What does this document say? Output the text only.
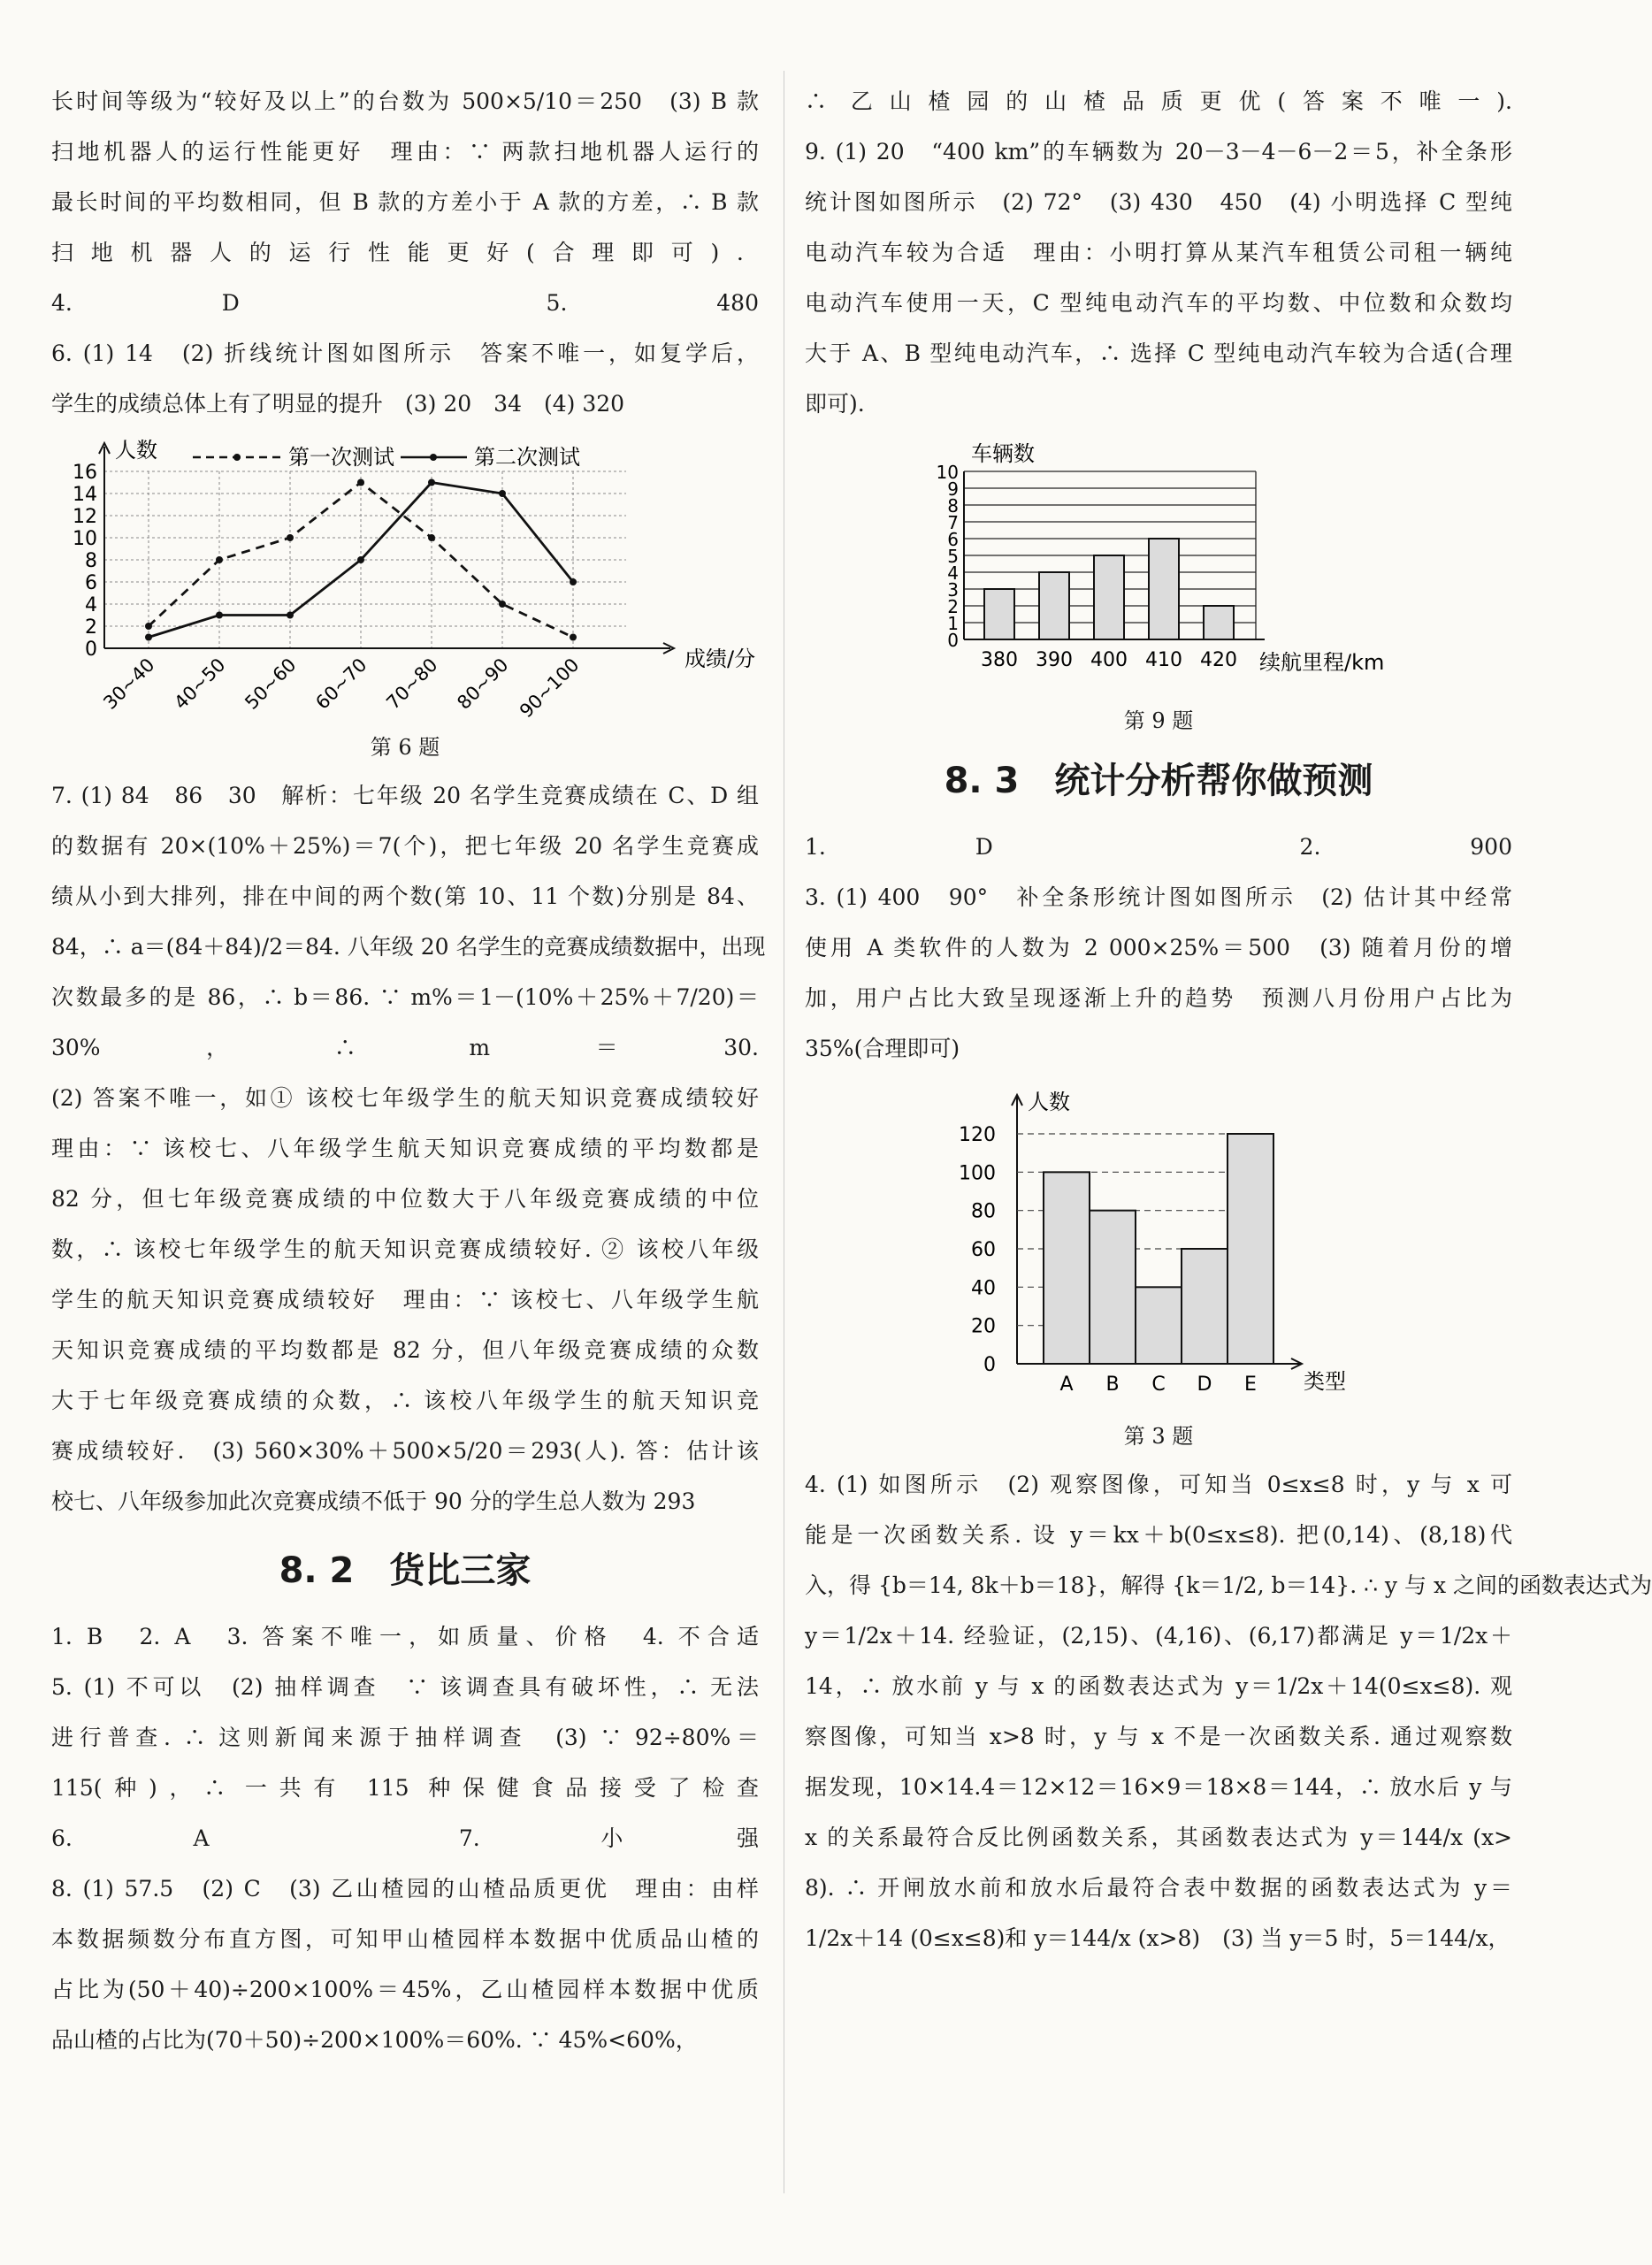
长时间等级为“较好及以上”的台数为 500×5/10＝250　(3) B 款

扫地机器人的运行性能更好　理由：∵ 两款扫地机器人运行的

最长时间的平均数相同，但 B 款的方差小于 A 款的方差，∴ B 款

扫地机器人的运行性能更好(合理即可)．

4. D　5. 480

6. (1) 14　(2) 折线统计图如图所示　答案不唯一，如复学后，

学生的成绩总体上有了明显的提升　(3) 20　34　(4) 320

人数
成绩/分
0
2
4
6
8
10
12
14
16
30~40 40~50 50~60 60~70 70~80 80~90 90~100
第一次测试	第二次测试
第 6 题

7. (1) 84　86　30　解析：七年级 20 名学生竞赛成绩在 C、D 组

的数据有 20×(10%＋25%)＝7(个)，把七年级 20 名学生竞赛成

绩从小到大排列，排在中间的两个数(第 10、11 个数)分别是 84、

84，∴ a＝(84＋84)/2＝84. 八年级 20 名学生的竞赛成绩数据中，出现

次数最多的是 86，∴ b＝86. ∵ m%＝1－(10%＋25%＋7/20)＝

30%，∴ m＝30.

(2) 答案不唯一，如① 该校七年级学生的航天知识竞赛成绩较好

理由：∵ 该校七、八年级学生航天知识竞赛成绩的平均数都是

82 分，但七年级竞赛成绩的中位数大于八年级竞赛成绩的中位

数，∴ 该校七年级学生的航天知识竞赛成绩较好. ② 该校八年级

学生的航天知识竞赛成绩较好　理由：∵ 该校七、八年级学生航

天知识竞赛成绩的平均数都是 82 分，但八年级竞赛成绩的众数

大于七年级竞赛成绩的众数，∴ 该校八年级学生的航天知识竞

赛成绩较好.　(3) 560×30%＋500×5/20＝293(人). 答：估计该

校七、八年级参加此次竞赛成绩不低于 90 分的学生总人数为 293

8. 2　货比三家

1. B　2. A　3. 答案不唯一，如质量、价格　4. 不合适

5. (1) 不可以　(2) 抽样调查　∵ 该调查具有破坏性，∴ 无法

进行普查. ∴ 这则新闻来源于抽样调查　(3) ∵ 92÷80%＝

115(种)，∴ 一共有 115 种保健食品接受了检查

6. A　7. 小强

8. (1) 57.5　(2) C　(3) 乙山楂园的山楂品质更优　理由：由样

本数据频数分布直方图，可知甲山楂园样本数据中优质品山楂的

占比为(50＋40)÷200×100%＝45%，乙山楂园样本数据中优质

品山楂的占比为(70＋50)÷200×100%＝60%. ∵ 45%<60%，

∴ 乙山楂园的山楂品质更优(答案不唯一).

9. (1) 20　“400 km”的车辆数为 20－3－4－6－2＝5，补全条形

统计图如图所示　(2) 72°　(3) 430　450　(4) 小明选择 C 型纯

电动汽车较为合适　理由：小明打算从某汽车租赁公司租一辆纯

电动汽车使用一天，C 型纯电动汽车的平均数、中位数和众数均

大于 A、B 型纯电动汽车，∴ 选择 C 型纯电动汽车较为合适(合理

即可).

车辆数
0
1
2
3
4
5
6
7
8
9
10
380 390 400 410 420 续航里程/km
第 9 题
8. 3　统计分析帮你做预测

1. D　2. 900

3. (1) 400　90°　补全条形统计图如图所示　(2) 估计其中经常

使用 A 类软件的人数为 2 000×25%＝500　(3) 随着月份的增

加，用户占比大致呈现逐渐上升的趋势　预测八月份用户占比为

35%(合理即可)

人数
类型
0
20
40
60
80
100
120
A B C D E
第 3 题

4. (1) 如图所示　(2) 观察图像，可知当 0≤x≤8 时，y 与 x 可

能是一次函数关系. 设 y＝kx＋b(0≤x≤8). 把(0,14)、(8,18)代

入，得 {b＝14, 8k＋b＝18}，解得 {k＝1/2, b＝14}. ∴ y 与 x 之间的函数表达式为

y＝1/2x＋14. 经验证，(2,15)、(4,16)、(6,17)都满足 y＝1/2x＋

14，∴ 放水前 y 与 x 的函数表达式为 y＝1/2x＋14(0≤x≤8). 观

察图像，可知当 x>8 时，y 与 x 不是一次函数关系. 通过观察数

据发现，10×14.4＝12×12＝16×9＝18×8＝144，∴ 放水后 y 与

x 的关系最符合反比例函数关系，其函数表达式为 y＝144/x (x>

8). ∴ 开闸放水前和放水后最符合表中数据的函数表达式为 y＝

1/2x＋14 (0≤x≤8)和 y＝144/x (x>8)　(3) 当 y＝5 时，5＝144/x，
